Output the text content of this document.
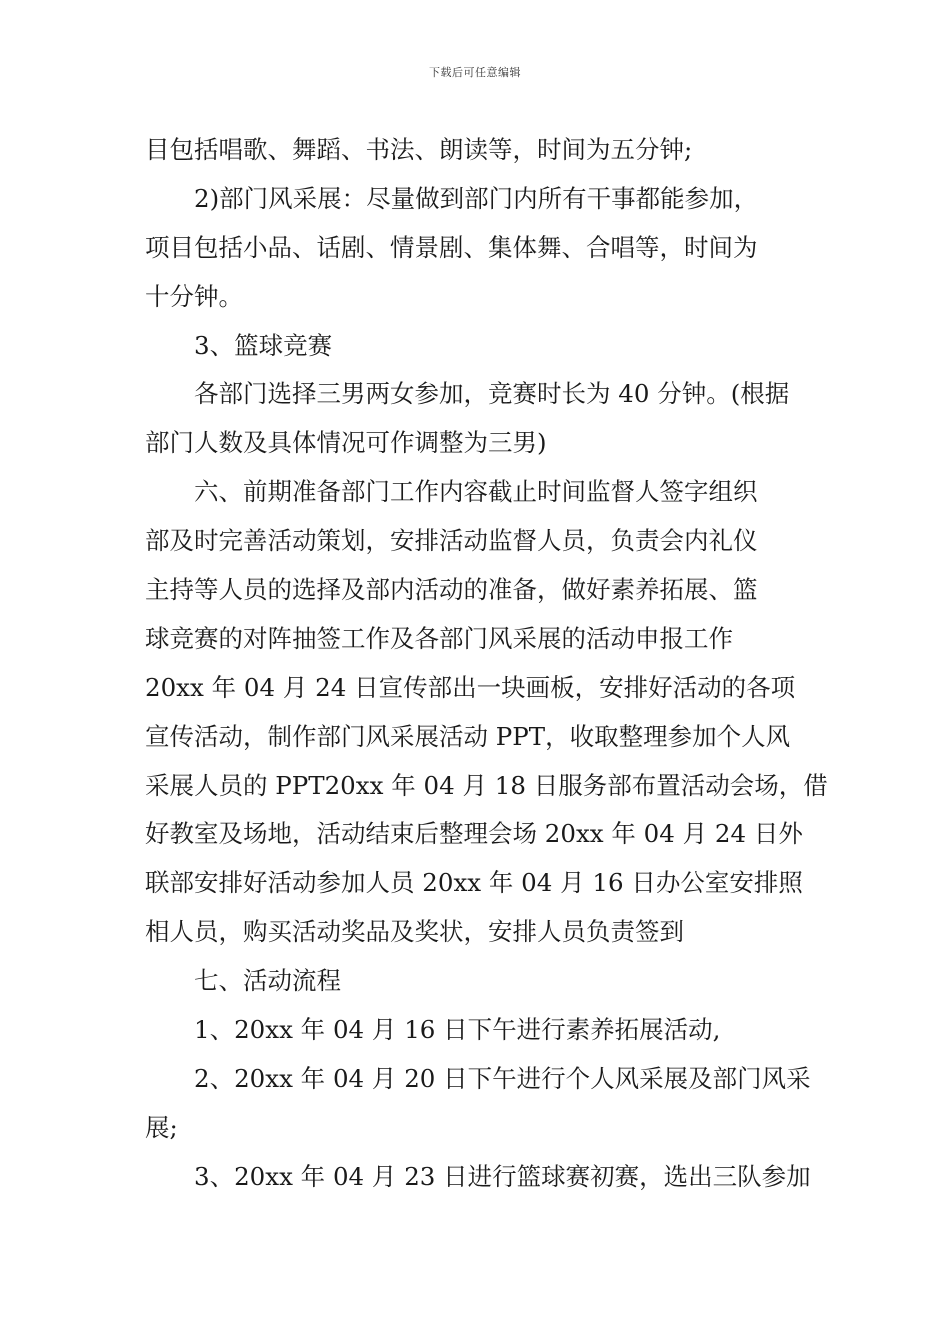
下载后可任意编辑
目包括唱歌、舞蹈、书法、朗读等，时间为五分钟;
2)部门风采展：尽量做到部门内所有干事都能参加，
项目包括小品、话剧、情景剧、集体舞、合唱等，时间为
十分钟。
3、篮球竞赛
各部门选择三男两女参加，竞赛时长为 40 分钟。(根据
部门人数及具体情况可作调整为三男)
六、前期准备部门工作内容截止时间监督人签字组织
部及时完善活动策划，安排活动监督人员，负责会内礼仪
主持等人员的选择及部内活动的准备，做好素养拓展、篮
球竞赛的对阵抽签工作及各部门风采展的活动申报工作
20xx 年 04 月 24 日宣传部出一块画板，安排好活动的各项
宣传活动，制作部门风采展活动 PPT，收取整理参加个人风
采展人员的 PPT20xx 年 04 月 18 日服务部布置活动会场，借
好教室及场地，活动结束后整理会场 20xx 年 04 月 24 日外
联部安排好活动参加人员 20xx 年 04 月 16 日办公室安排照
相人员，购买活动奖品及奖状，安排人员负责签到
七、活动流程
1、20xx 年 04 月 16 日下午进行素养拓展活动,
2、20xx 年 04 月 20 日下午进行个人风采展及部门风采
展;
3、20xx 年 04 月 23 日进行篮球赛初赛，选出三队参加
